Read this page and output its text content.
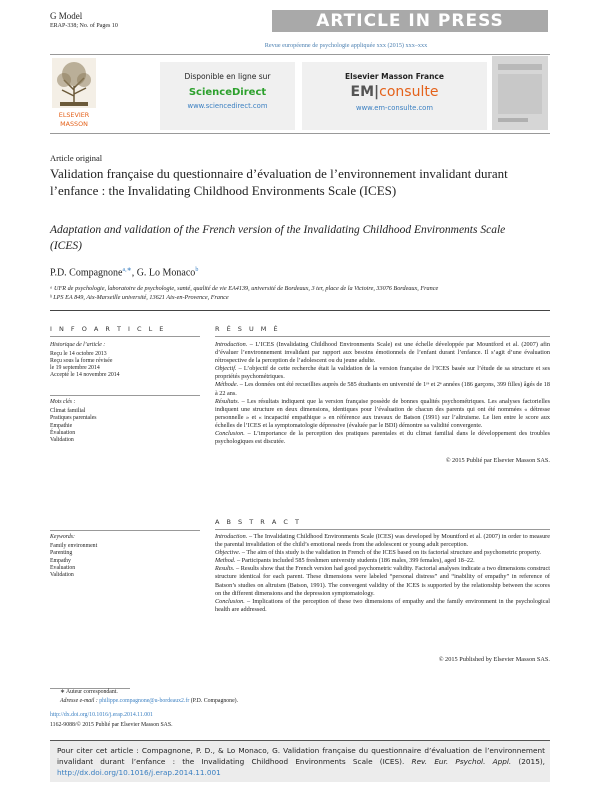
G Model
ERAP-338; No. of Pages 10	ARTICLE IN PRESS
Revue européenne de psychologie appliquée xxx (2015) xxx–xxx
ELSEVIER
MASSON
Disponible en ligne sur
ScienceDirect
www.sciencedirect.com
Elsevier Masson France
EM|consulte
www.em-consulte.com
Article original
Validation française du questionnaire d’évaluation de l’environnement invalidant durant l’enfance : the Invalidating Childhood Environments Scale (ICES)
Adaptation and validation of the French version of the Invalidating Childhood Environments Scale (ICES)
P.D. Compagnone$^{a,∗}$, G. Lo Monaco$^b$
ᵃ UFR de psychologie, laboratoire de psychologie, santé, qualité de vie EA4139, université de Bordeaux, 3 ter, place de la Victoire, 33076 Bordeaux, France
ᵇ LPS EA 849, Aix-Marseille université, 13621 Aix-en-Provence, France
I N F O A R T I C L E
Historique de l’article :
Reçu le 14 octobre 2013
Reçu sous la forme révisée
le 19 septembre 2014
Accepté le 14 novembre 2014
Mots clés :
Climat familial
Pratiques parentales
Empathie
Évaluation
Validation
R É S U M É
Introduction. – L’ICES (Invalidating Childhood Environments Scale) est une échelle développée par Mountford et al. (2007) afin d’évaluer l’environnement invalidant par rapport aux besoins émotionnels de l’enfant durant l’enfance. Il s’agit d’une évaluation rétrospective de la perception de l’adolescent ou du jeune adulte.
Objectif. – L’objectif de cette recherche était la validation de la version française de l’ICES basée sur l’étude de sa structure et ses propriétés psychométriques.
Méthode. – Les données ont été recueillies auprès de 585 étudiants en université de 1ʳᵉ et 2ᵉ années (186 garçons, 399 filles) âgés de 18 à 22 ans.
Résultats. – Les résultats indiquent que la version française possède de bonnes qualités psychométriques. Les analyses factorielles indiquent une structure en deux dimensions, identiques pour l’évaluation de chacun des parents qui ont été nommées « détresse personnelle » et « incapacité empathique » en référence aux travaux de Batson (1991) sur l’altruisme. Le lien entre le score aux échelles de l’ICES et la symptomatologie dépressive (évaluée par le BDI) démontre sa validité convergente.
Conclusion. – L’importance de la perception des pratiques parentales et du climat familial dans le développement des troubles psychologiques est discutée.
© 2015 Publié par Elsevier Masson SAS.
Keywords:
Family environment
Parenting
Empathy
Evaluation
Validation
A B S T R A C T
Introduction. – The Invalidating Childhood Environments Scale (ICES) was developed by Mountford et al. (2007) in order to measure the parental invalidation of the child’s emotional needs from the adolescent or young adult perception.
Objective. – The aim of this study is the validation in French of the ICES based on its factorial structure and psychometric property.
Method. – Participants included 585 freshmen university students (186 males, 399 females), aged 18–22.
Results. – Results show that the French version had good psychometric validity. Factorial analyses indicate a two dimensions construct structure identical for each parent. These dimensions were labeled “personal distress” and “inability of empathy” in reference of Batson’s studies on altruism (Batson, 1991). The convergent validity of the ICES is supported by the relationship between the scores on the different dimensions and the depression symptomatology.
Conclusion. – Implications of the perception of these two dimensions of empathy and the family environment in the psychological health are addressed.
© 2015 Published by Elsevier Masson SAS.
∗ Auteur correspondant.
Adresse e-mail : philippe.compagnone@u-bordeaux2.fr (P.D. Compagnone).
http://dx.doi.org/10.1016/j.erap.2014.11.001
1162-9088/© 2015 Publié par Elsevier Masson SAS.
Pour citer cet article : Compagnone, P. D., & Lo Monaco, G. Validation française du questionnaire d’évaluation de l’environnement invalidant durant l’enfance : the Invalidating Childhood Environments Scale (ICES). Rev. Eur. Psychol. Appl. (2015), http://dx.doi.org/10.1016/j.erap.2014.11.001
